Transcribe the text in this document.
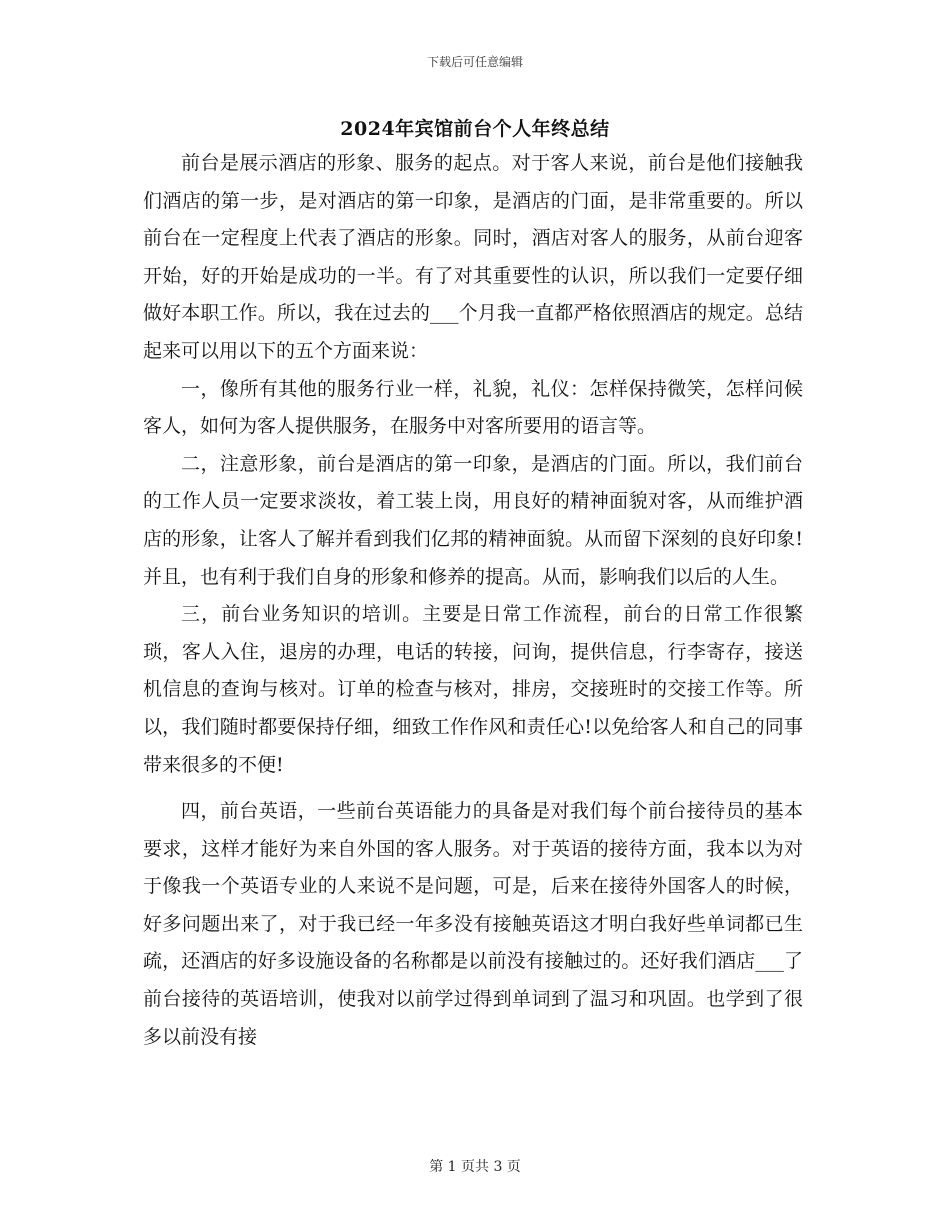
下载后可任意编辑
2024年宾馆前台个人年终总结

前台是展示酒店的形象、服务的起点。对于客人来说，前台是他们接触我们酒店的第一步，是对酒店的第一印象，是酒店的门面，是非常重要的。所以前台在一定程度上代表了酒店的形象。同时，酒店对客人的服务，从前台迎客开始，好的开始是成功的一半。有了对其重要性的认识，所以我们一定要仔细做好本职工作。所以，我在过去的___个月我一直都严格依照酒店的规定。总结起来可以用以下的五个方面来说：

一，像所有其他的服务行业一样，礼貌，礼仪：怎样保持微笑，怎样问候客人，如何为客人提供服务，在服务中对客所要用的语言等。

二，注意形象，前台是酒店的第一印象，是酒店的门面。所以，我们前台的工作人员一定要求淡妆，着工装上岗，用良好的精神面貌对客，从而维护酒店的形象，让客人了解并看到我们亿邦的精神面貌。从而留下深刻的良好印象!并且，也有利于我们自身的形象和修养的提高。从而，影响我们以后的人生。

三，前台业务知识的培训。主要是日常工作流程，前台的日常工作很繁琐，客人入住，退房的办理，电话的转接，问询，提供信息，行李寄存，接送机信息的查询与核对。订单的检查与核对，排房，交接班时的交接工作等。所以，我们随时都要保持仔细，细致工作作风和责任心!以免给客人和自己的同事带来很多的不便!

四，前台英语，一些前台英语能力的具备是对我们每个前台接待员的基本要求，这样才能好为来自外国的客人服务。对于英语的接待方面，我本以为对于像我一个英语专业的人来说不是问题，可是，后来在接待外国客人的时候，好多问题出来了，对于我已经一年多没有接触英语这才明白我好些单词都已生疏，还酒店的好多设施设备的名称都是以前没有接触过的。还好我们酒店___了前台接待的英语培训，使我对以前学过得到单词到了温习和巩固。也学到了很多以前没有接

第 1 页共 3 页
